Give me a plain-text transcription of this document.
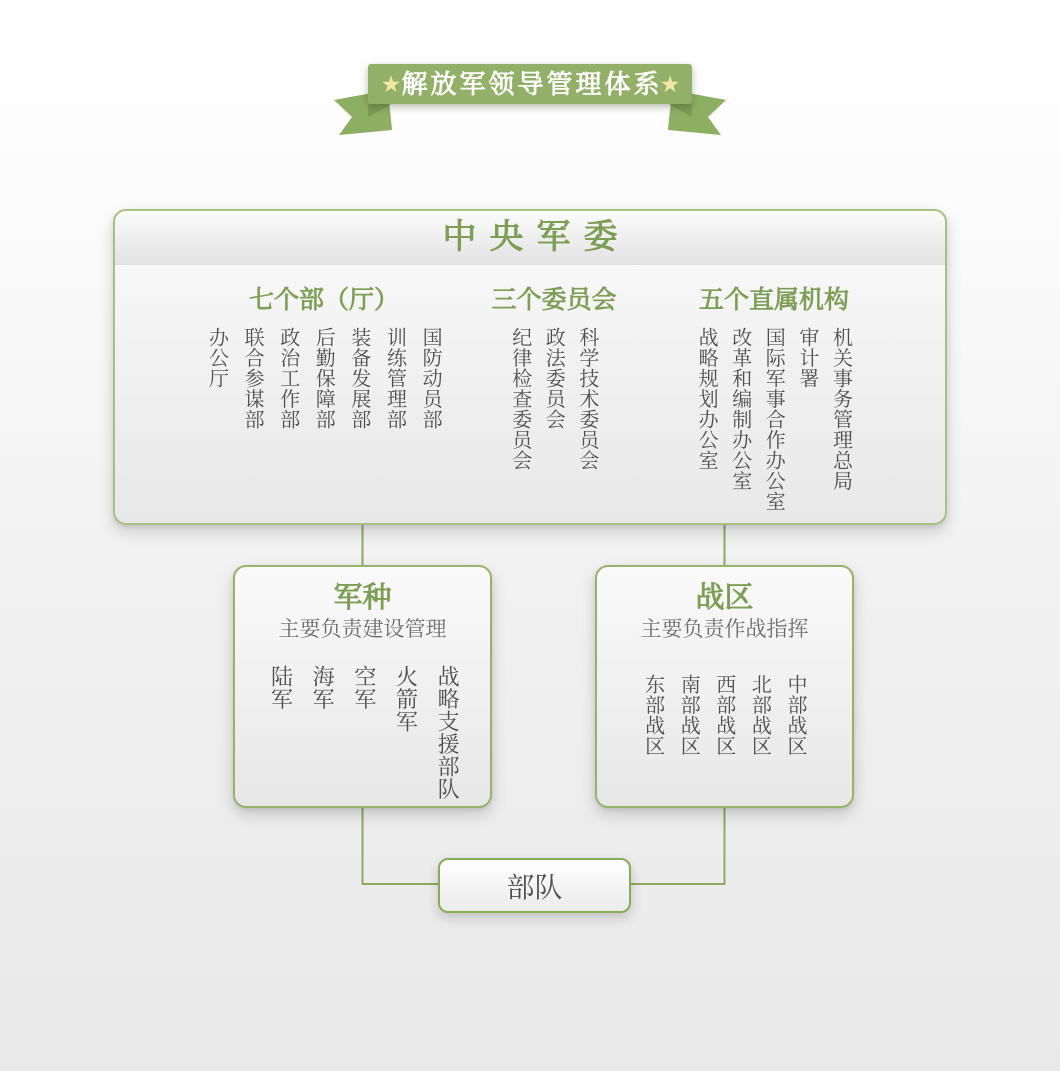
★	★
解放军领导管理体系
中央军委
七个部（厅）
办公厅 联合参谋部 政治工作部 后勤保障部 装备发展部 训练管理部 国防动员部
三个委员会
纪律检查委员会 政法委员会 科学技术委员会
五个直属机构
战略规划办公室 改革和编制办公室 国际军事合作办公室 审计署 机关事务管理总局
军种
主要负责建设管理
陆军 海军 空军 火箭军 战略支援部队
战区
主要负责作战指挥
东部战区 南部战区 西部战区 北部战区 中部战区
部队
